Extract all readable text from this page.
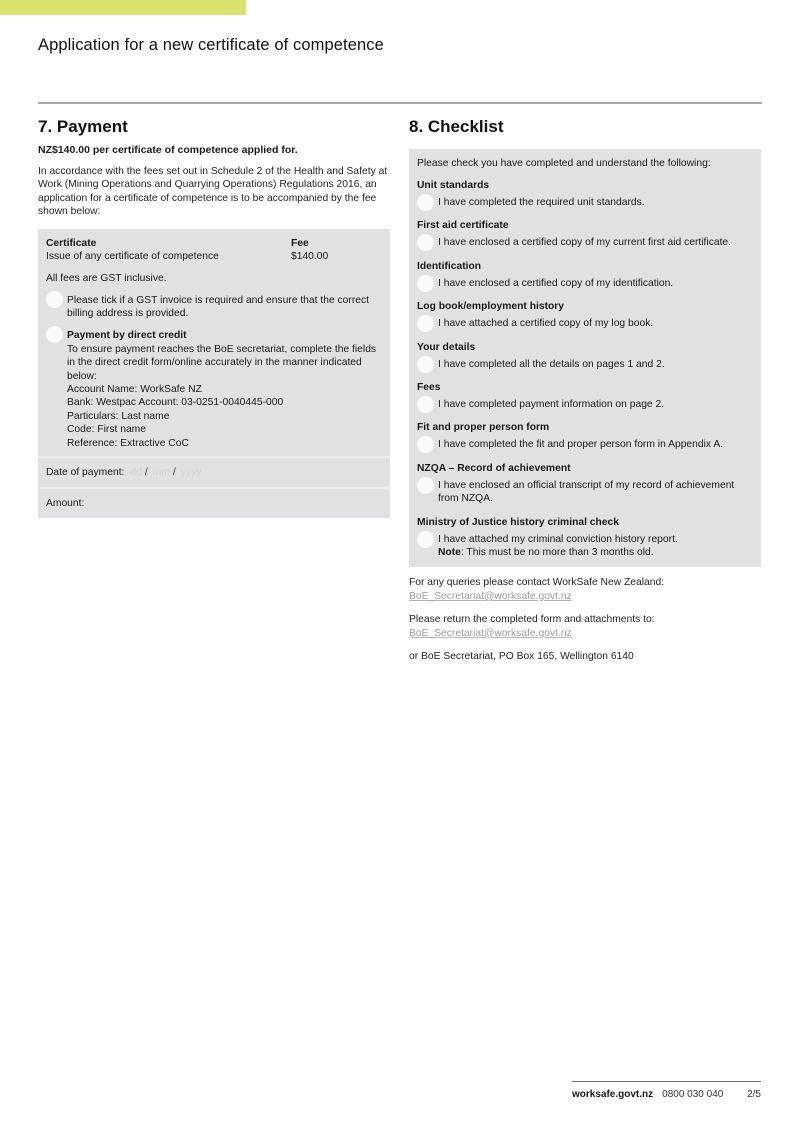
Application for a new certificate of competence
7. Payment
NZ$140.00 per certificate of competence applied for.
In accordance with the fees set out in Schedule 2 of the Health and Safety at Work (Mining Operations and Quarrying Operations) Regulations 2016, an application for a certificate of competence is to be accompanied by the fee shown below:
Certificate	Fee
Issue of any certificate of competence	$140.00
All fees are GST inclusive.
Please tick if a GST invoice is required and ensure that the correct billing address is provided.
Payment by direct credit
To ensure payment reaches the BoE secretariat, complete the fields in the direct credit form/online accurately in the manner indicated below:
Account Name: WorkSafe NZ
Bank: Westpac Account: 03-0251-0040445-000
Particulars: Last name
Code: First name
Reference: Extractive CoC
Date of payment: dd / mm / yyyy
Amount:
8. Checklist
Please check you have completed and understand the following:
Unit standards
I have completed the required unit standards.
First aid certificate
I have enclosed a certified copy of my current first aid certificate.
Identification
I have enclosed a certified copy of my identification.
Log book/employment history
I have attached a certified copy of my log book.
Your details
I have completed all the details on pages 1 and 2.
Fees
I have completed payment information on page 2.
Fit and proper person form
I have completed the fit and proper person form in Appendix A.
NZQA – Record of achievement
I have enclosed an official transcript of my record of achievement from NZQA.
Ministry of Justice history criminal check
I have attached my criminal conviction history report.
Note: This must be no more than 3 months old.
For any queries please contact WorkSafe New Zealand:
BoE_Secretariat@worksafe.govt.nz
Please return the completed form and attachments to:
BoE_Secretariat@worksafe.govt.nz
or BoE Secretariat, PO Box 165, Wellington 6140
worksafe.govt.nz 0800 030 040 2/5
